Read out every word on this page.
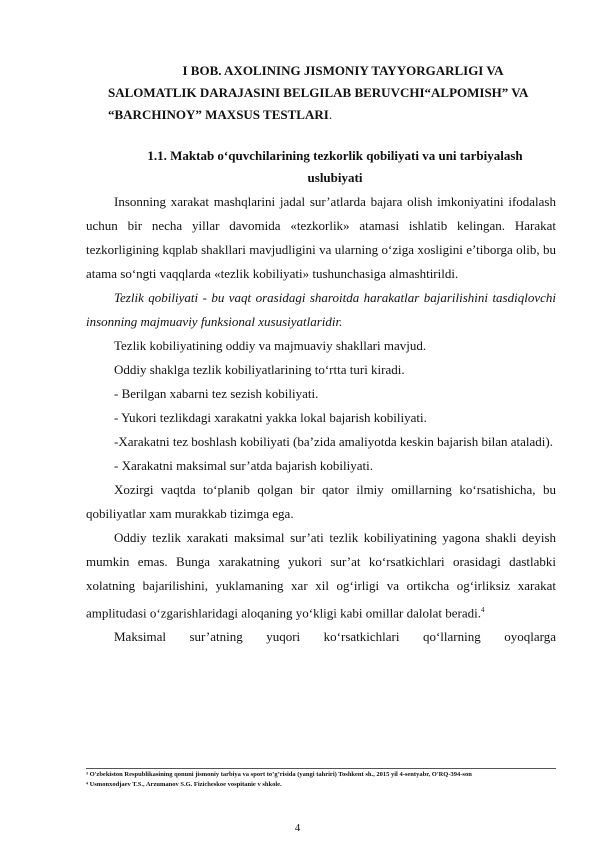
I BOB. AXOLINING JISMONIY TAYYORGARLIGI VA
SALOMATLIK DARAJASINI BELGILAB BERUVCHI“ALPOMISH” VA
“BARCHINOY” MAXSUS TESTLARI.
1.1. Maktab o‘quvchilarining tezkorlik qobiliyati va uni tarbiyalash
uslubiyati

Insonning xarakat mashqlarini jadal sur’atlarda bajara olish imkoniyatini ifodalash uchun bir necha yillar davomida «tezkorlik» atamasi ishlatib kelingan. Harakat tezkorligining kqplab shakllari mavjudligini va ularning o‘ziga xosligini e’tiborga olib, bu atama so‘ngti vaqqlarda «tezlik kobiliyati» tushunchasiga almashtirildi.

Tezlik qobiliyati - bu vaqt orasidagi sharoitda harakatlar bajarilishini tasdiqlovchi insonning majmuaviy funksional xususiyatlaridir.

Tezlik kobiliyatining oddiy va majmuaviy shakllari mavjud.

Oddiy shaklga tezlik kobiliyatlarining to‘rtta turi kiradi.

- Berilgan xabarni tez sezish kobiliyati.

- Yukori tezlikdagi xarakatni yakka lokal bajarish kobiliyati.

-Xarakatni tez boshlash kobiliyati (ba’zida amaliyotda keskin bajarish bilan ataladi).

- Xarakatni maksimal sur’atda bajarish kobiliyati.

Xozirgi vaqtda to‘planib qolgan bir qator ilmiy omillarning ko‘rsatishicha, bu qobiliyatlar xam murakkab tizimga ega.

Oddiy tezlik xarakati maksimal sur’ati tezlik kobiliyatining yagona shakli deyish mumkin emas. Bunga xarakatning yukori sur’at ko‘rsatkichlari orasidagi dastlabki xolatning bajarilishini, yuklamaning xar xil og‘irligi va ortikcha og‘irliksiz xarakat amplitudasi o‘zgarishlaridagi aloqaning yo‘kligi kabi omillar dalolat beradi.$^4$

Maksimal sur’atning yuqori ko‘rsatkichlari qo‘llarning oyoqlarga

³ O'zbekiston Respublikasining qonuni jismoniy tarbiya va sport to’g’risida (yangi tahriri) Toshkent sh., 2015 yil 4-sentyabr, O'RQ-394-son
⁴ Usmonxodjaev T.S., Arzumanov S.G. Fizicheskoe vospitanie v shkole.
4
